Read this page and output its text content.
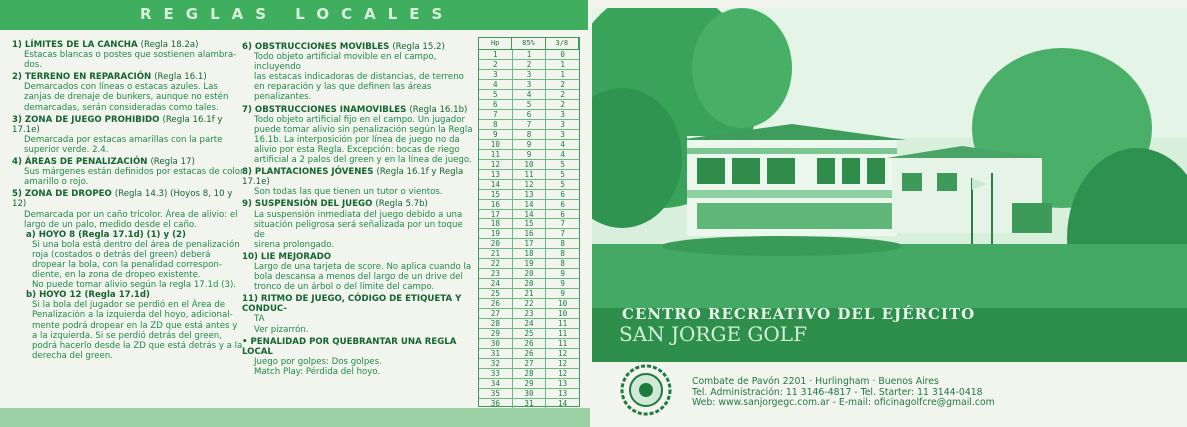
REGLAS LOCALES

1) LÍMITES DE LA CANCHA (Regla 18.2a)

Estacas blancas o postes que sostienen alambra-

dos.

2) TERRENO EN REPARACIÓN (Regla 16.1)

Demarcados con líneas o estacas azules. Las

zanjas de drenaje de bunkers, aunque no estén

demarcadas, serán consideradas como tales.

3) ZONA DE JUEGO PROHIBIDO (Regla 16.1f y 17.1e)

Demarcada por estacas amarillas con la parte

superior verde. 2.4.

4) ÁREAS DE PENALIZACIÓN (Regla 17)

Sus márgenes están definidos por estacas de color

amarillo o rojo.

5) ZONA DE DROPEO (Regla 14.3) (Hoyos 8, 10 y 12)

Demarcada por un caño tricolor. Área de alivio: el

largo de un palo, medido desde el caño.

a) HOYO 8 (Regla 17.1d) (1) y (2)

Si una bola está dentro del área de penalización

roja (costados o detrás del green) deberá

dropear la bola, con la penalidad correspon-

diente, en la zona de dropeo existente.

No puede tomar alivio según la regla 17.1d (3).

b) HOYO 12 (Regla 17.1d)

Si la bola del jugador se perdió en el Área de

Penalización a la izquierda del hoyo, adicional-

mente podrá dropear en la ZD que está antes y

a la izquierda. Si se perdió detrás del green,

podrá hacerlo desde la ZD que está detrás y a la

derecha del green.

6) OBSTRUCCIONES MOVIBLES (Regla 15.2)

Todo objeto artificial movible en el campo,

incluyendo

las estacas indicadoras de distancias, de terreno

en reparación y las que definen las áreas

penalizantes.

7) OBSTRUCCIONES INAMOVIBLES (Regla 16.1b)

Todo objeto artificial fijo en el campo. Un jugador

puede tomar alivio sin penalización según la Regla

16.1b. La interposición por línea de juego no da

alivio por esta Regla. Excepción: bocas de riego

artificial a 2 palos del green y en la línea de juego.

8) PLANTACIONES JÓVENES (Regla 16.1f y Regla 17.1e)

Son todas las que tienen un tutor o vientos.

9) SUSPENSIÓN DEL JUEGO (Regla 5.7b)

La suspensión inmediata del juego debido a una

situación peligrosa será señalizada por un toque de

sirena prolongado.

10) LIE MEJORADO

Largo de una tarjeta de score. No aplica cuando la

bola descansa a menos del largo de un drive del

tronco de un árbol o del límite del campo.

11) RITMO DE JUEGO, CÓDIGO DE ETIQUETA Y CONDUC-

TA

Ver pizarrón.

• PENALIDAD POR QUEBRANTAR UNA REGLA LOCAL

Juego por golpes: Dos golpes.

Match Play: Pérdida del hoyo.

Hp	85%	3/8
1	1	0
2	2	1
3	3	1
4	3	2
5	4	2
6	5	2
7	6	3
8	7	3
9	8	3
10	9	4
11	9	4
12	10	5
13	11	5
14	12	5
15	13	6
16	14	6
17	14	6
18	15	7
19	16	7
20	17	8
21	18	8
22	19	8
23	20	9
24	20	9
25	21	9
26	22	10
27	23	10
28	24	11
29	25	11
30	26	11
31	26	12
32	27	12
33	28	12
34	29	13
35	30	13
36	31	14
CENTRO RECREATIVO DEL EJÉRCITO
SAN JORGE GOLF
Combate de Pavón 2201 · Hurlingham · Buenos Aires
Tel. Administración: 11 3146-4817 - Tel. Starter: 11 3144-0418
Web: www.sanjorgegc.com.ar - E-mail: oficinagolfcre@gmail.com
